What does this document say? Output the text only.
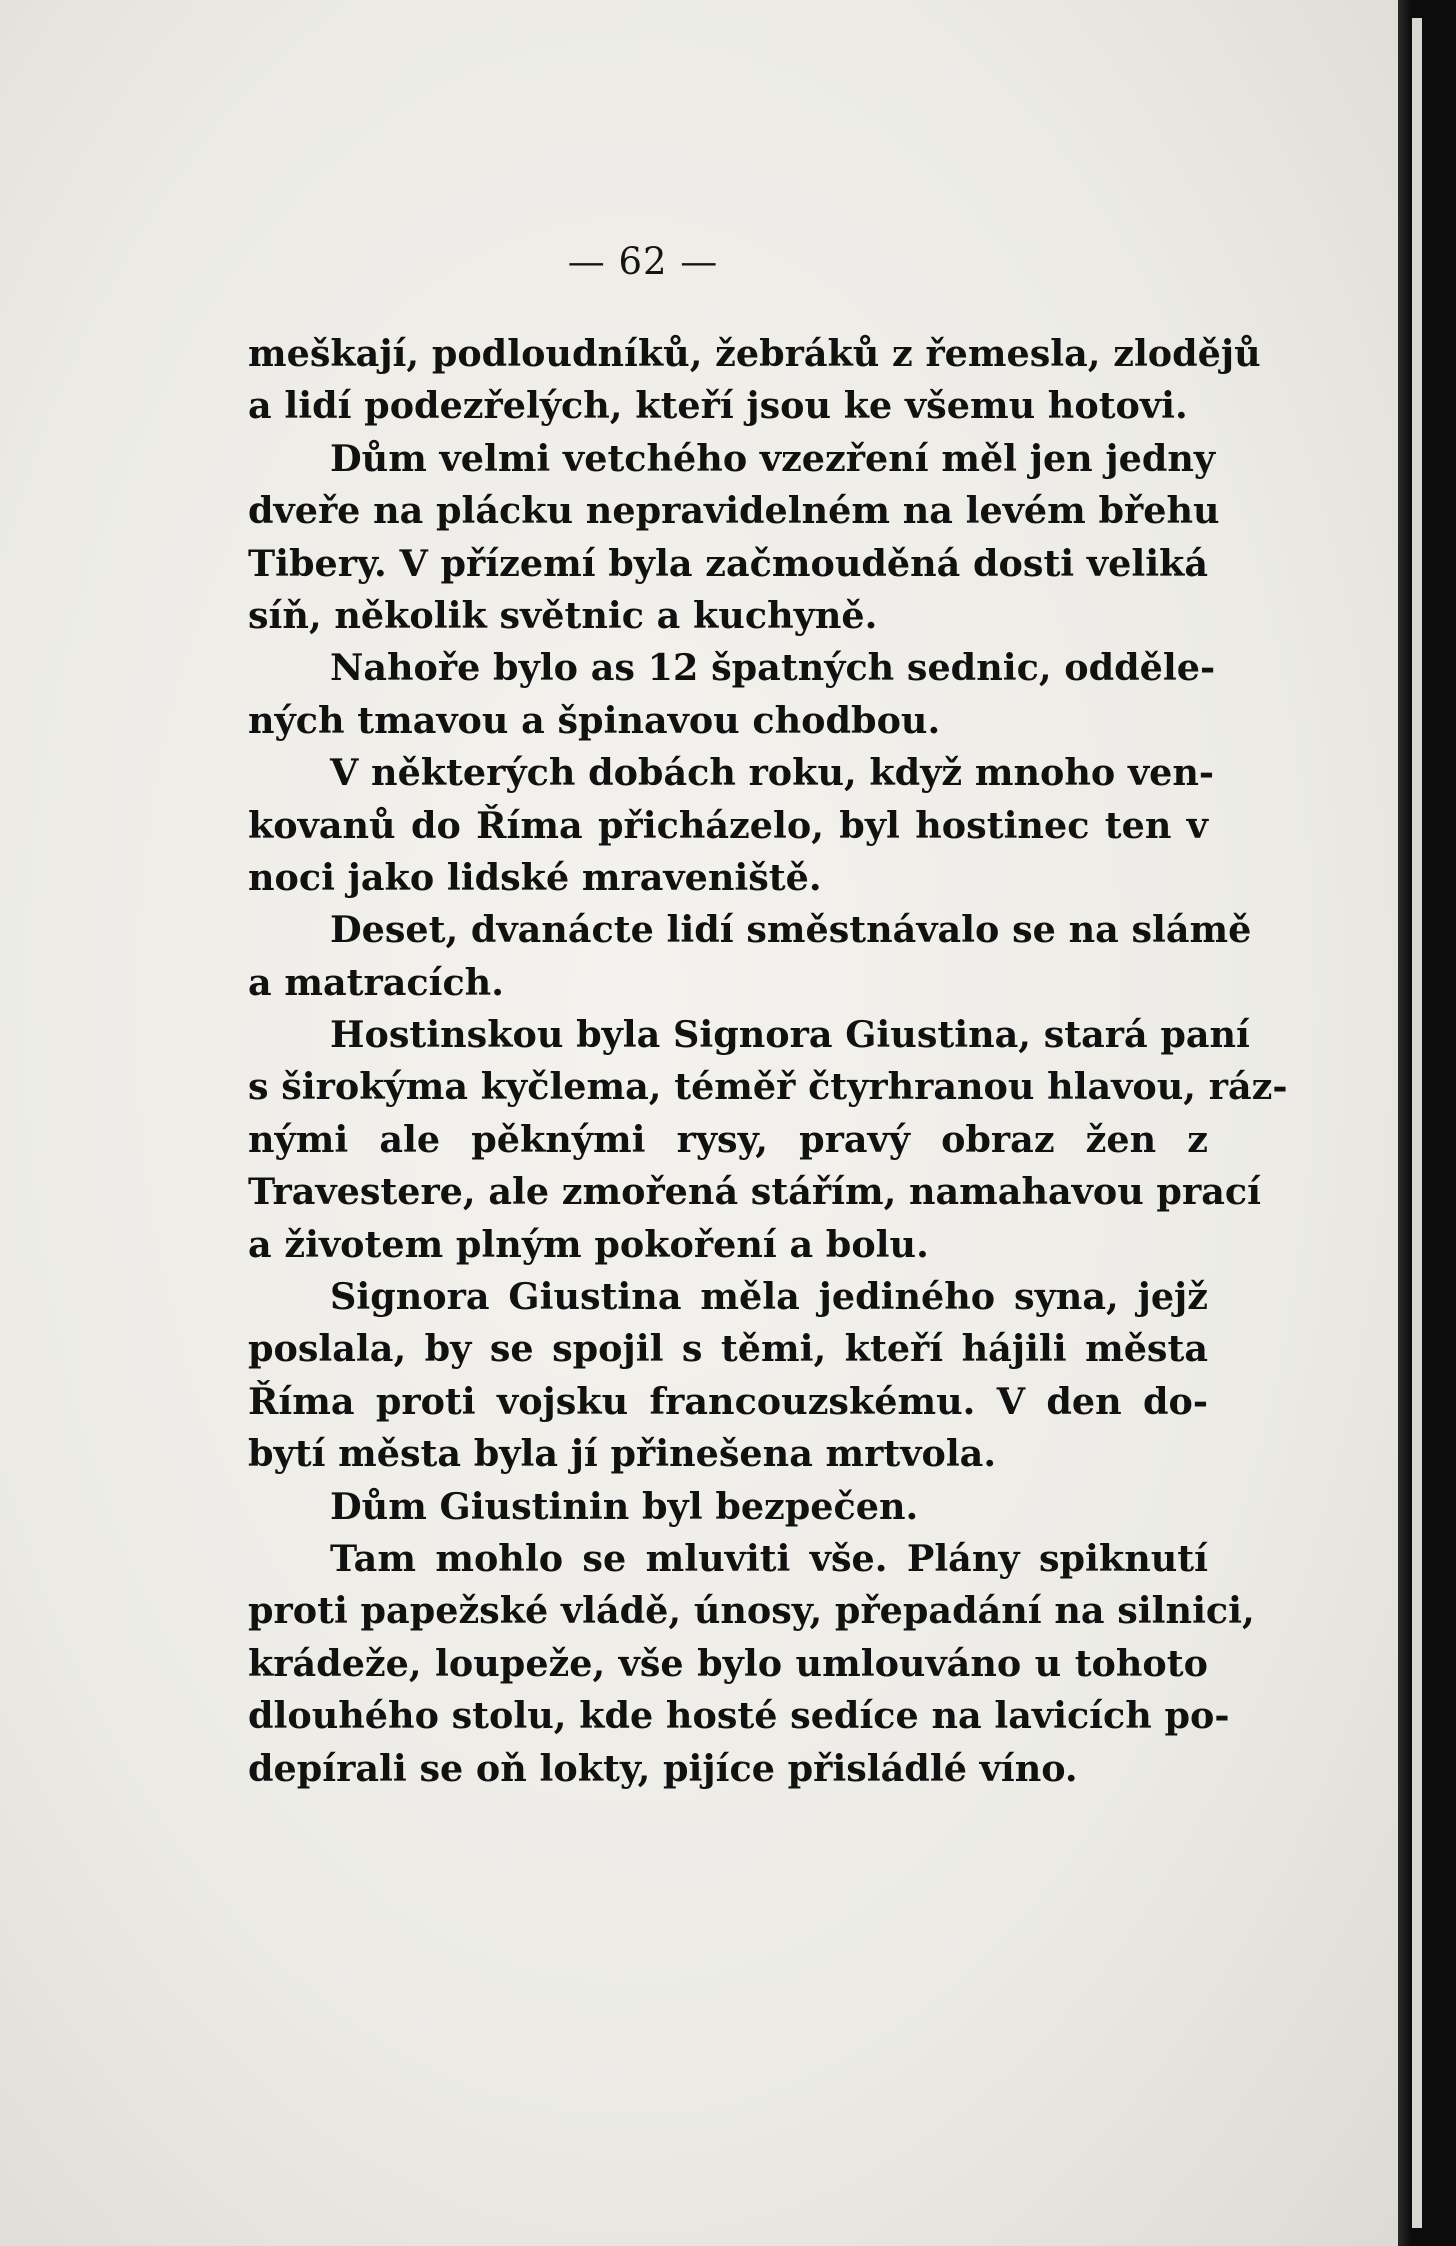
— 62 —
meškají, podloudníků, žebráků z řemesla, zlodějů
a lidí podezřelých, kteří jsou ke všemu hotovi.
Dům velmi vetchého vzezření měl jen jedny
dveře na plácku nepravidelném na levém břehu
Tibery. V přízemí byla začmouděná dosti veliká
síň, několik světnic a kuchyně.
Nahoře bylo as 12 špatných sednic, odděle-
ných tmavou a špinavou chodbou.
V některých dobách roku, když mnoho ven-
kovanů do Říma přicházelo, byl hostinec ten v
noci jako lidské mraveniště.
Deset, dvanácte lidí směstnávalo se na slámě
a matracích.
Hostinskou byla Signora Giustina, stará paní
s širokýma kyčlema, téměř čtyrhranou hlavou, ráz-
nými ale pěknými rysy, pravý obraz žen z
Travestere, ale zmořená stářím, namahavou prací
a životem plným pokoření a bolu.
Signora Giustina měla jediného syna, jejž
poslala, by se spojil s těmi, kteří hájili města
Říma proti vojsku francouzskému. V den do-
bytí města byla jí přinešena mrtvola.
Dům Giustinin byl bezpečen.
Tam mohlo se mluviti vše. Plány spiknutí
proti papežské vládě, únosy, přepadání na silnici,
krádeže, loupeže, vše bylo umlouváno u tohoto
dlouhého stolu, kde hosté sedíce na lavicích po-
depírali se oň lokty, pijíce přisládlé víno.
